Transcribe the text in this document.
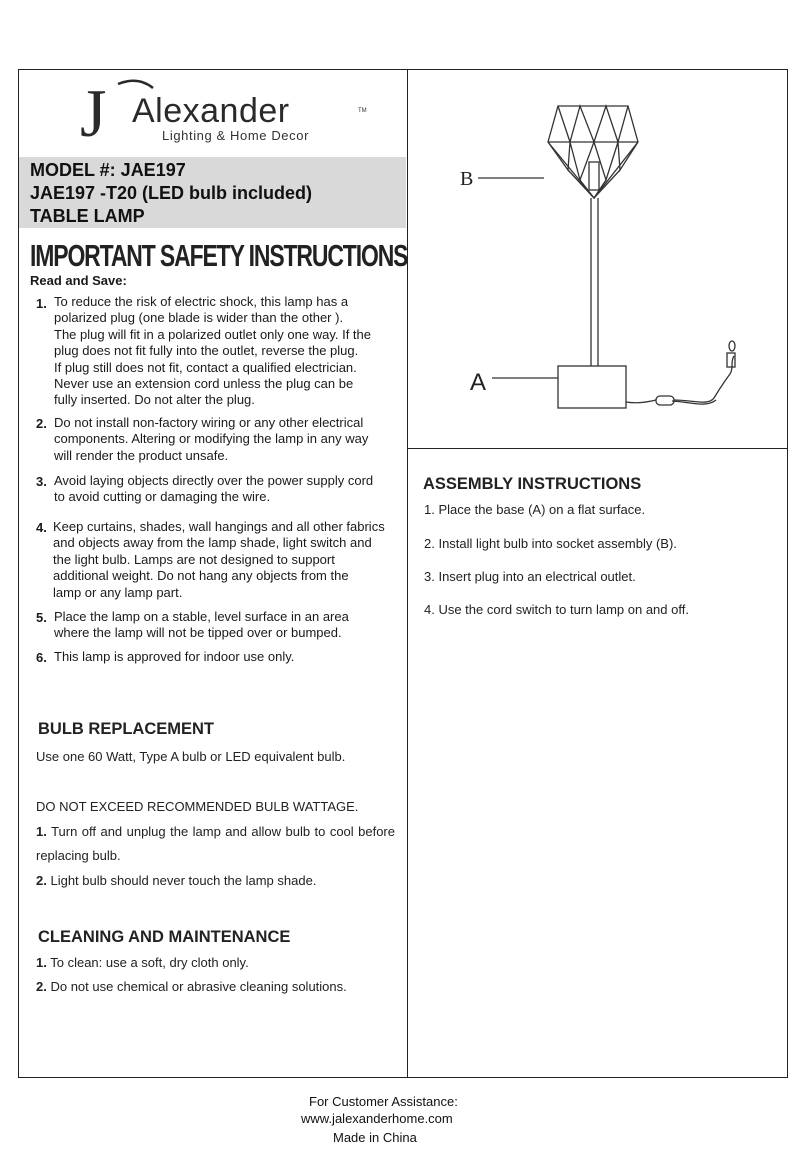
J Alexander	TM
Lighting & Home Decor
MODEL #: JAE197
JAE197 -T20 (LED bulb included)
TABLE LAMP
IMPORTANT SAFETY INSTRUCTIONS
Read and Save:
1. To reduce the risk of electric shock, this lamp has a
polarized plug (one blade is wider than the other ).
The plug will fit in a polarized outlet only one way. If the
plug does not fit fully into the outlet, reverse the plug.
If plug still does not fit, contact a qualified electrician.
Never use an extension cord unless the plug can be
fully inserted. Do not alter the plug.
2. Do not install non-factory wiring or any other electrical
components. Altering or modifying the lamp in any way
will render the product unsafe.
3. Avoid laying objects directly over the power supply cord
to avoid cutting or damaging the wire.
4. Keep curtains, shades, wall hangings and all other fabrics
and objects away from the lamp shade, light switch and
the light bulb. Lamps are not designed to support
additional weight. Do not hang any objects from the
lamp or any lamp part.
5. Place the lamp on a stable, level surface in an area
where the lamp will not be tipped over or bumped.
6. This lamp is approved for indoor use only.
BULB REPLACEMENT
Use one 60 Watt, Type A bulb or LED equivalent bulb.
DO NOT EXCEED RECOMMENDED BULB WATTAGE.
1. Turn off and unplug the lamp and allow bulb to cool before replacing bulb.
2. Light bulb should never touch the lamp shade.
CLEANING AND MAINTENANCE
1. To clean: use a soft, dry cloth only.
2. Do not use chemical or abrasive cleaning solutions.
B
A
ASSEMBLY INSTRUCTIONS
1. Place the base (A) on a flat surface.
2. Install light bulb into socket assembly (B).
3. Insert plug into an electrical outlet.
4. Use the cord switch to turn lamp on and off.
For Customer Assistance:
www.jalexanderhome.com
Made in China
